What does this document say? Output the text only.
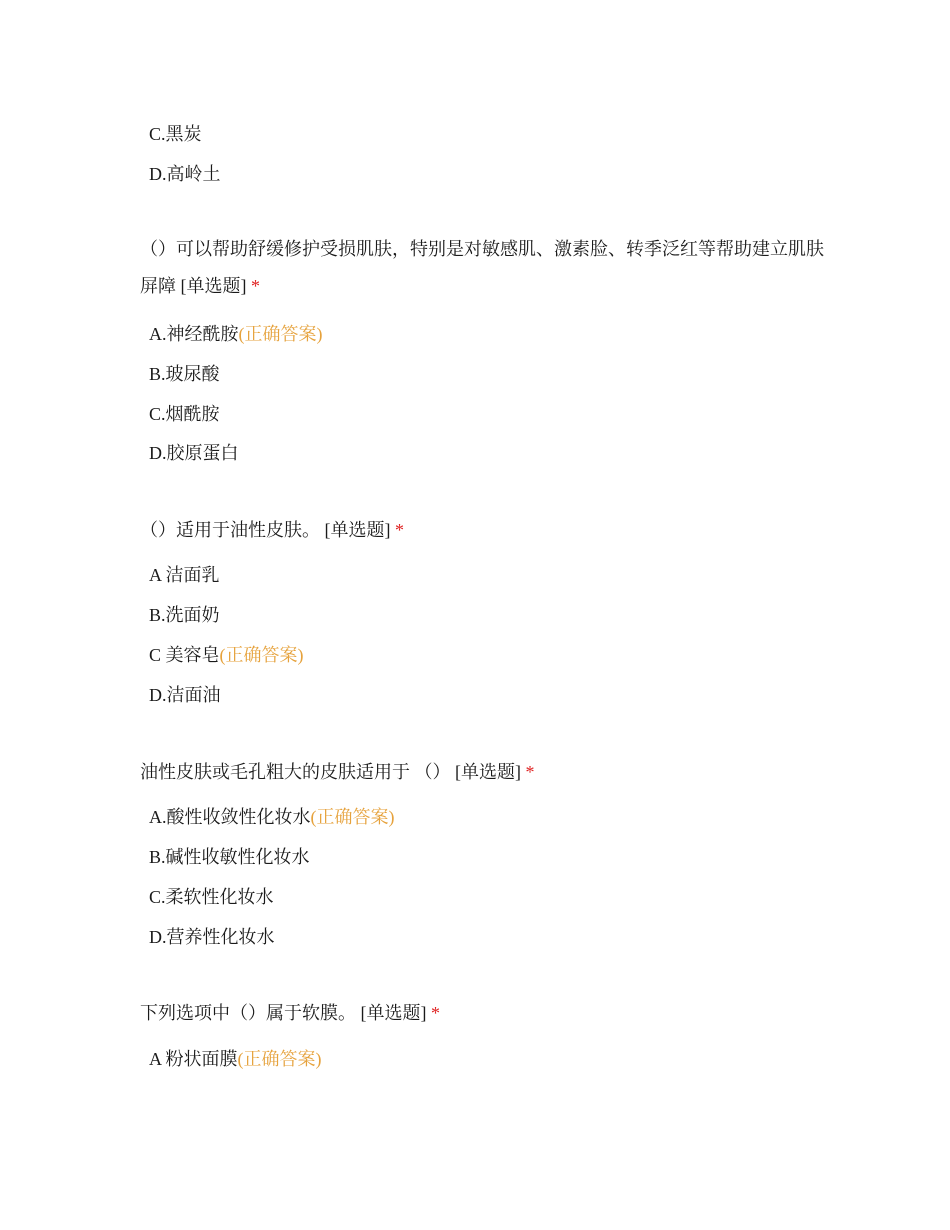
C.黑炭
D.高岭土
（）可以帮助舒缓修护受损肌肤，特别是对敏感肌、激素脸、转季泛红等帮助建立肌肤屏障 [单选题] *
A.神经酰胺(正确答案)
B.玻尿酸
C.烟酰胺
D.胶原蛋白
（）适用于油性皮肤。 [单选题] *
A 洁面乳
B.洗面奶
C 美容皂(正确答案)
D.洁面油
油性皮肤或毛孔粗大的皮肤适用于 （） [单选题] *
A.酸性收敛性化妆水(正确答案)
B.碱性收敏性化妆水
C.柔软性化妆水
D.营养性化妆水
下列选项中（）属于软膜。 [单选题] *
A 粉状面膜(正确答案)
